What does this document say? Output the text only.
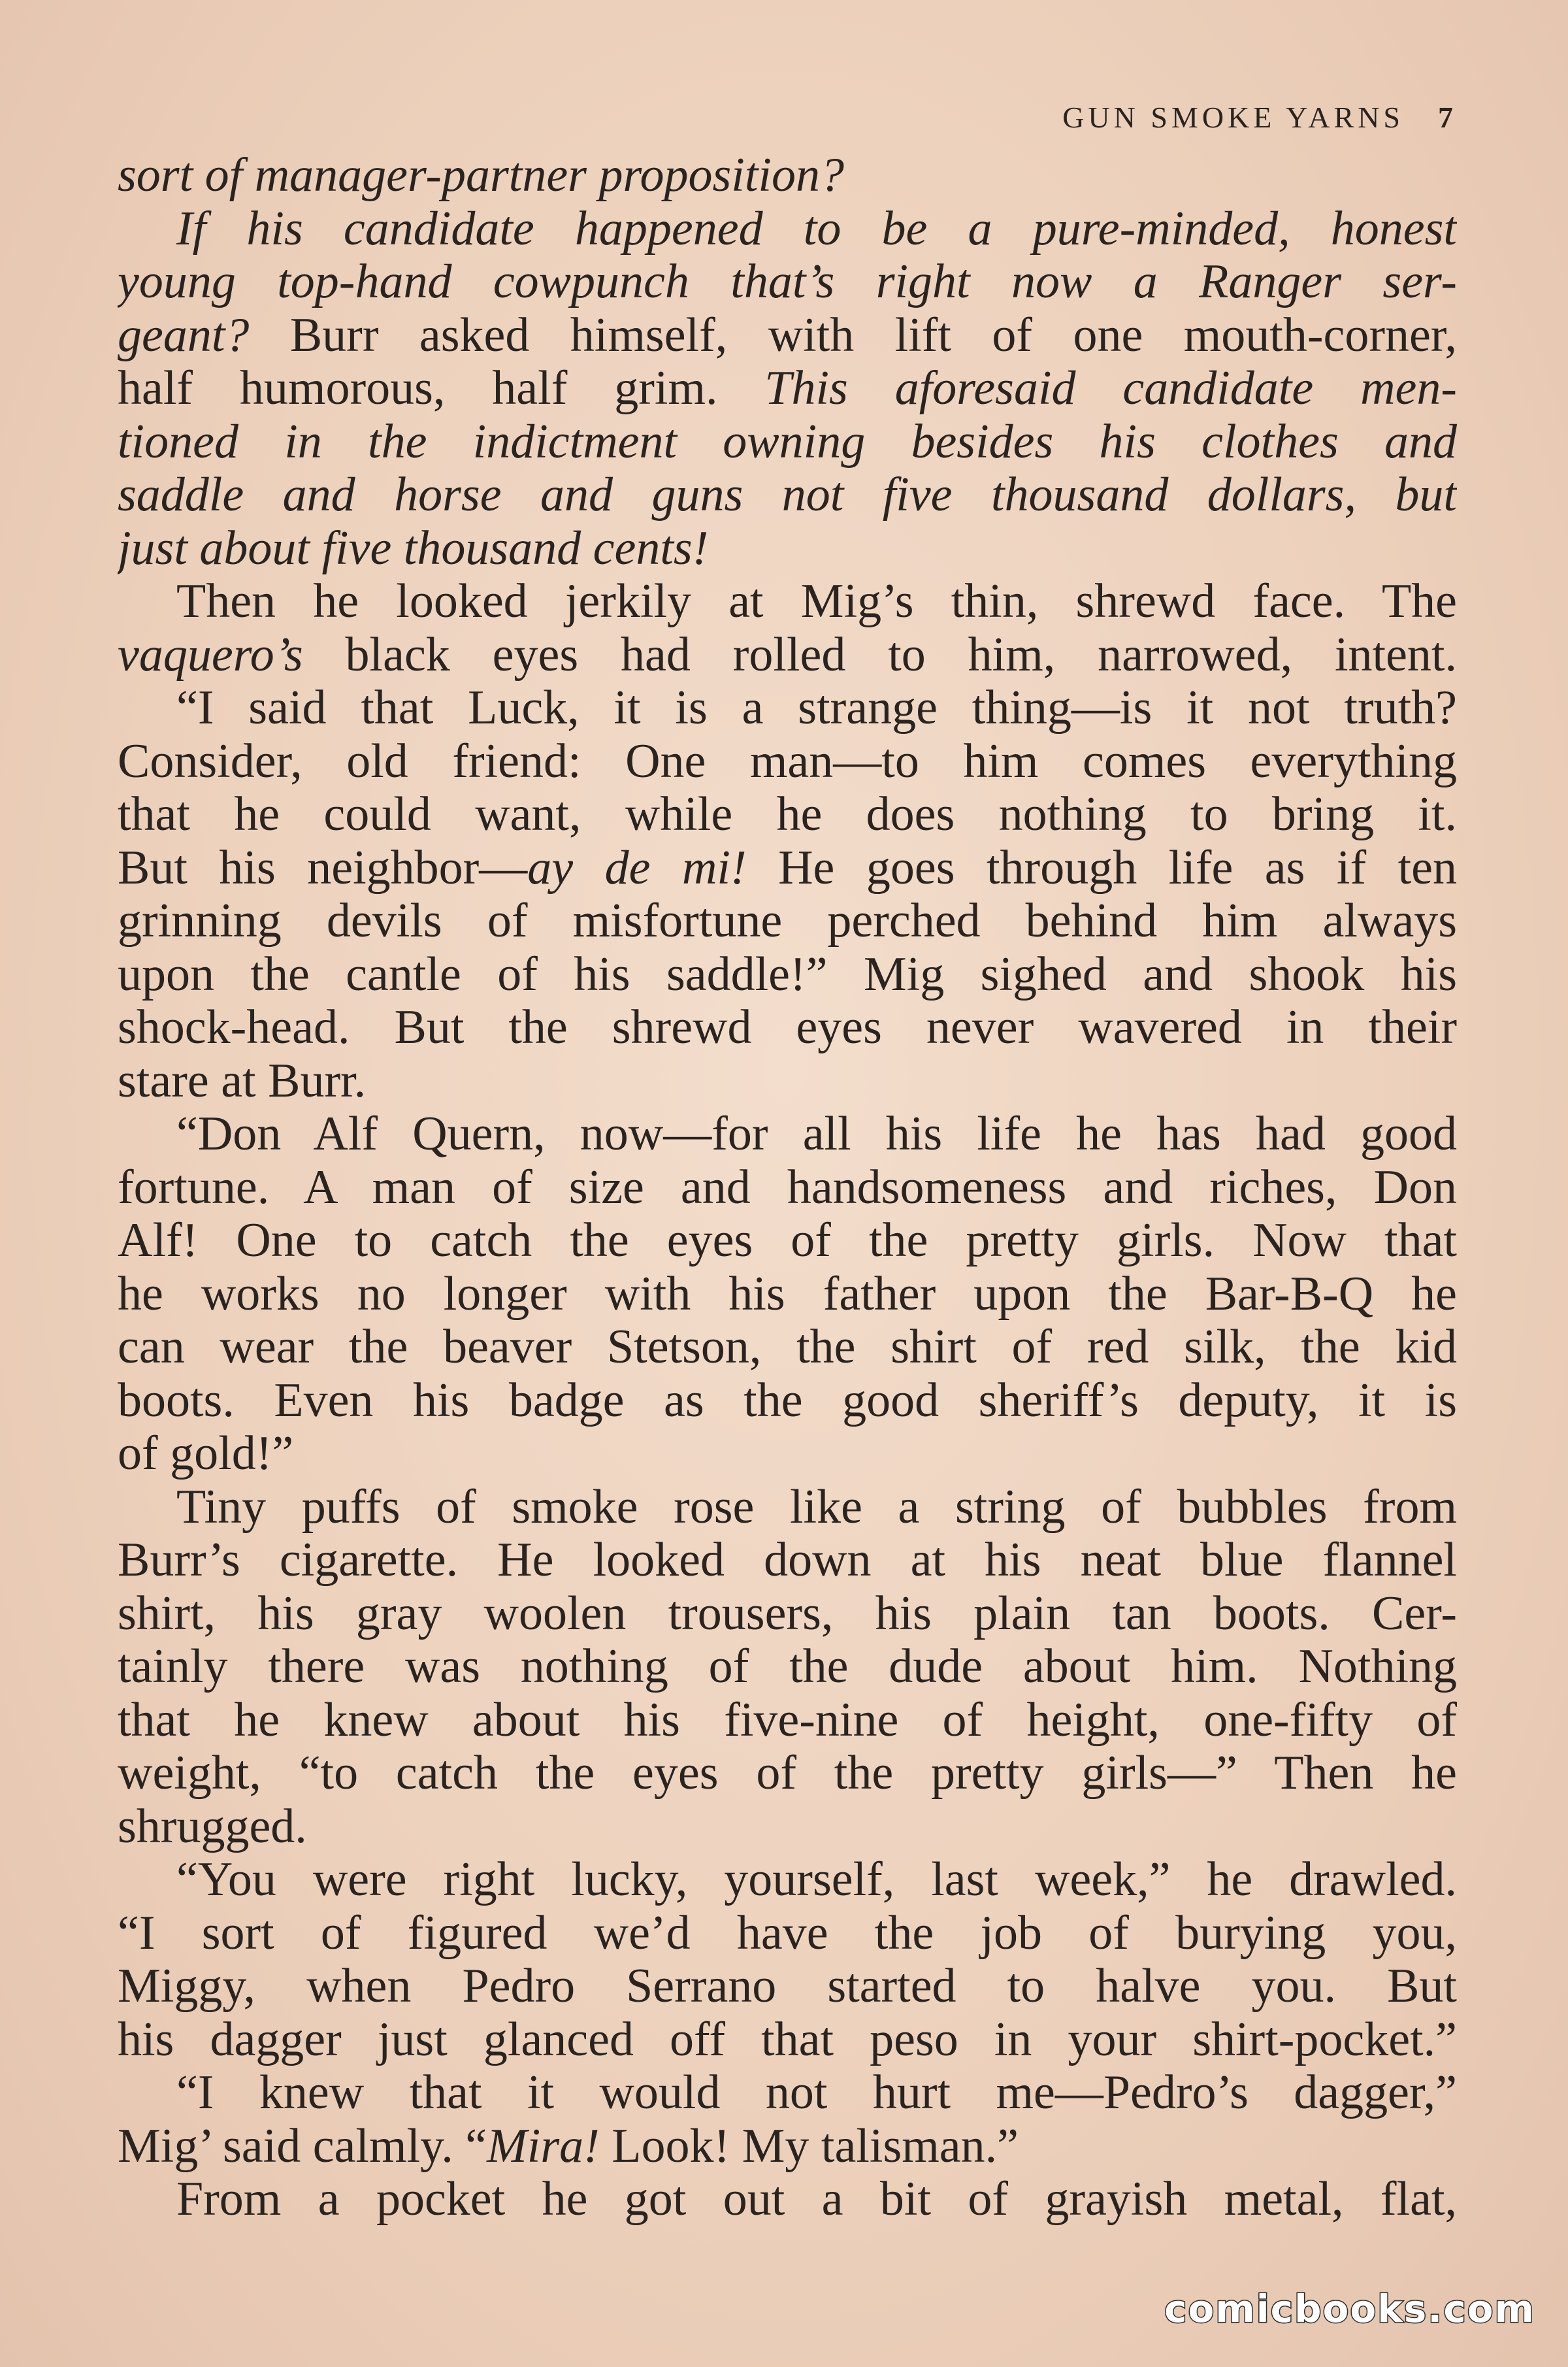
GUN SMOKE YARNS 7
sort of manager-partner proposition?
If his candidate happened to be a pure-minded, honest
young top-hand cowpunch that’s right now a Ranger ser-
geant? Burr asked himself, with lift of one mouth-corner,
half humorous, half grim. This aforesaid candidate men-
tioned in the indictment owning besides his clothes and
saddle and horse and guns not five thousand dollars, but
just about five thousand cents!
Then he looked jerkily at Mig’s thin, shrewd face. The
vaquero’s black eyes had rolled to him, narrowed, intent.
“I said that Luck, it is a strange thing—is it not truth?
Consider, old friend: One man—to him comes everything
that he could want, while he does nothing to bring it.
But his neighbor—ay de mi! He goes through life as if ten
grinning devils of misfortune perched behind him always
upon the cantle of his saddle!” Mig sighed and shook his
shock-head. But the shrewd eyes never wavered in their
stare at Burr.
“Don Alf Quern, now—for all his life he has had good
fortune. A man of size and handsomeness and riches, Don
Alf! One to catch the eyes of the pretty girls. Now that
he works no longer with his father upon the Bar-B-Q he
can wear the beaver Stetson, the shirt of red silk, the kid
boots. Even his badge as the good sheriff’s deputy, it is
of gold!”
Tiny puffs of smoke rose like a string of bubbles from
Burr’s cigarette. He looked down at his neat blue flannel
shirt, his gray woolen trousers, his plain tan boots. Cer-
tainly there was nothing of the dude about him. Nothing
that he knew about his five-nine of height, one-fifty of
weight, “to catch the eyes of the pretty girls—” Then he
shrugged.
“You were right lucky, yourself, last week,” he drawled.
“I sort of figured we’d have the job of burying you,
Miggy, when Pedro Serrano started to halve you. But
his dagger just glanced off that peso in your shirt-pocket.”
“I knew that it would not hurt me—Pedro’s dagger,”
Mig’ said calmly. “Mira! Look! My talisman.”
From a pocket he got out a bit of grayish metal, flat,
comicbooks.com
